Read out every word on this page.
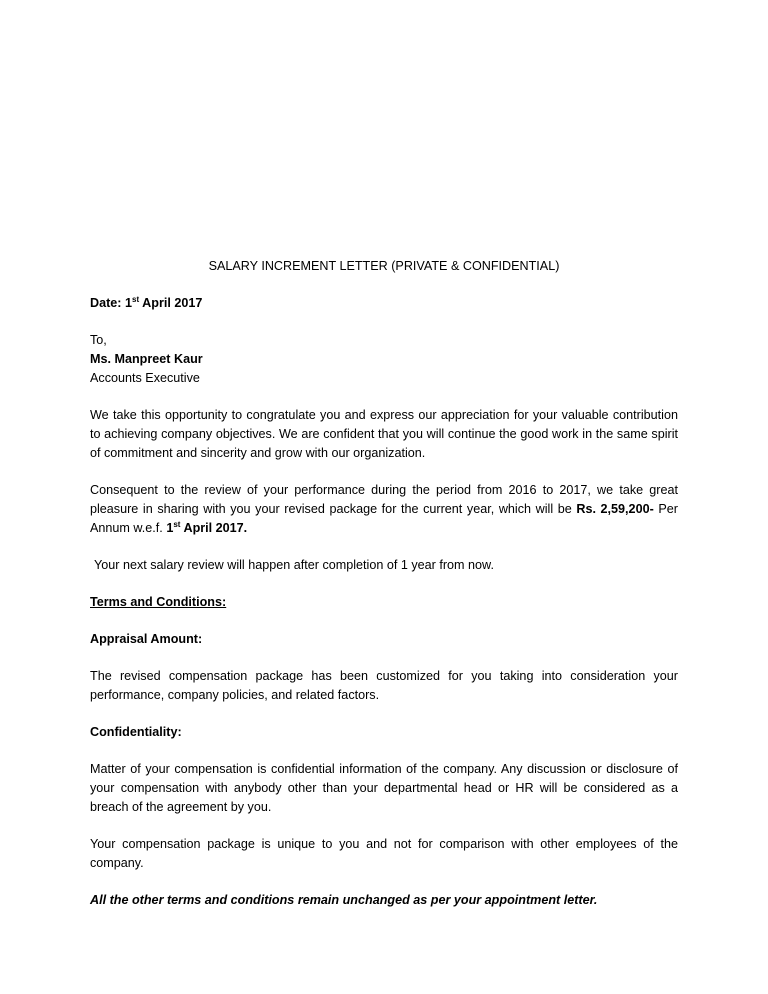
SALARY INCREMENT LETTER (PRIVATE & CONFIDENTIAL)
Date: 1st April 2017
To,
Ms. Manpreet Kaur
Accounts Executive
We take this opportunity to congratulate you and express our appreciation for your valuable contribution to achieving company objectives. We are confident that you will continue the good work in the same spirit of commitment and sincerity and grow with our organization.
Consequent to the review of your performance during the period from 2016 to 2017, we take great pleasure in sharing with you your revised package for the current year, which will be Rs. 2,59,200- Per Annum w.e.f. 1st April 2017.
Your next salary review will happen after completion of 1 year from now.
Terms and Conditions:
Appraisal Amount:
The revised compensation package has been customized for you taking into consideration your performance, company policies, and related factors.
Confidentiality:
Matter of your compensation is confidential information of the company. Any discussion or disclosure of your compensation with anybody other than your departmental head or HR will be considered as a breach of the agreement by you.
Your compensation package is unique to you and not for comparison with other employees of the company.
All the other terms and conditions remain unchanged as per your appointment letter.
